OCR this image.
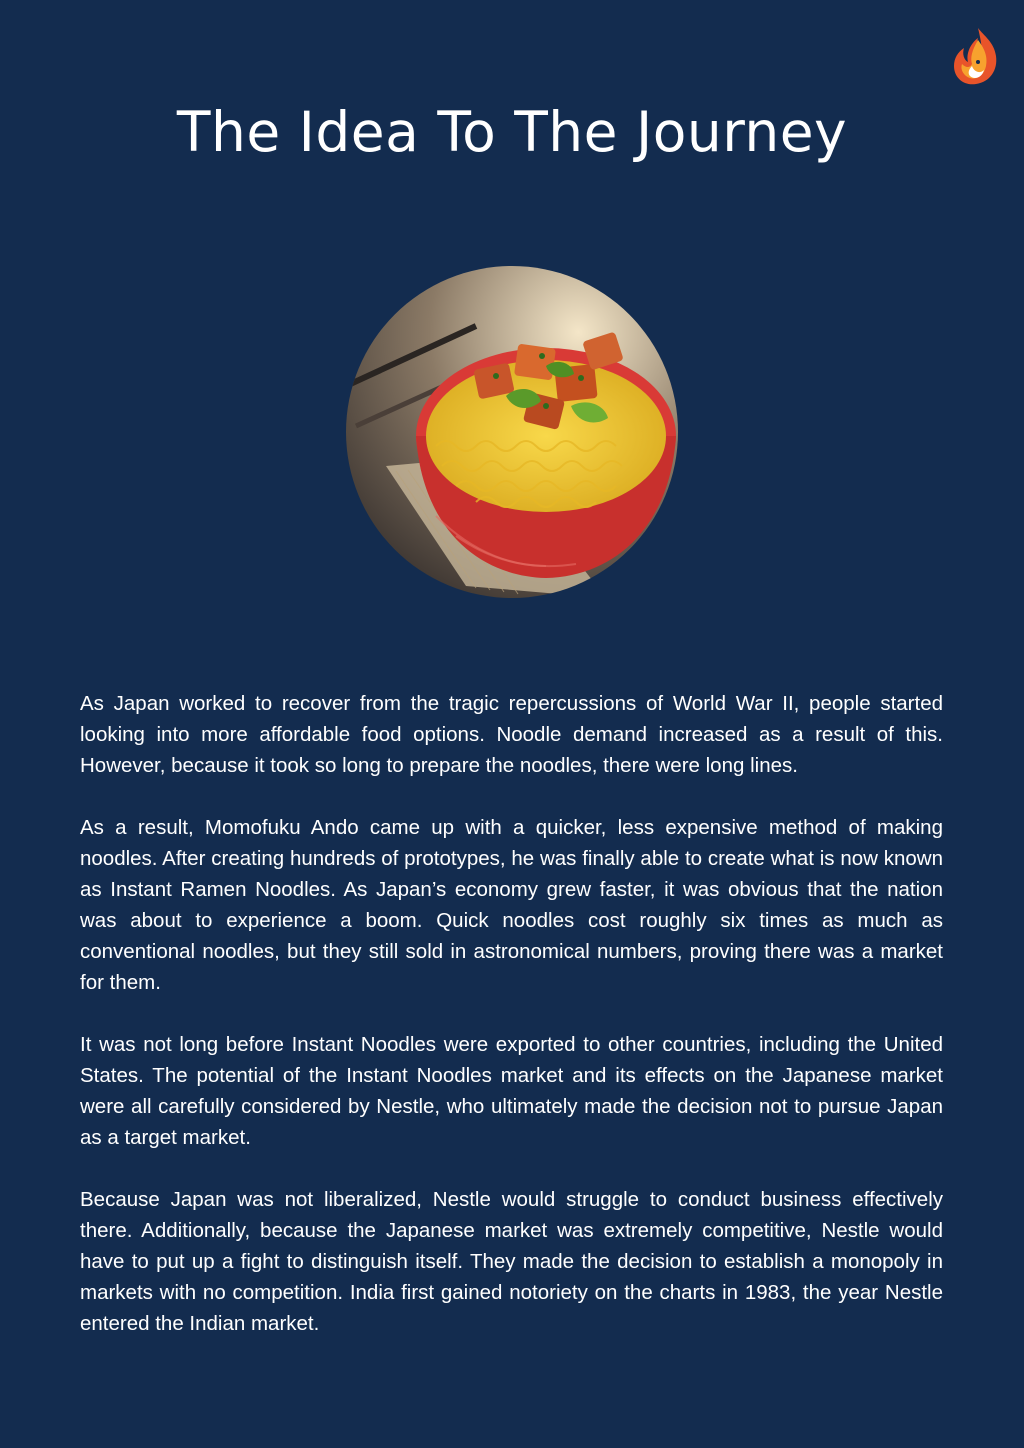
The Idea To The Journey

As Japan worked to recover from the tragic repercussions of World War II, people started looking into more affordable food options. Noodle demand increased as a result of this. However, because it took so long to prepare the noodles, there were long lines.

As a result, Momofuku Ando came up with a quicker, less expensive method of making noodles. After creating hundreds of prototypes, he was finally able to create what is now known as Instant Ramen Noodles. As Japan’s economy grew faster, it was obvious that the nation was about to experience a boom. Quick noodles cost roughly six times as much as conventional noodles, but they still sold in astronomical numbers, proving there was a market for them.

It was not long before Instant Noodles were exported to other countries, including the United States. The potential of the Instant Noodles market and its effects on the Japanese market were all carefully considered by Nestle, who ultimately made the decision not to pursue Japan as a target market.

Because Japan was not liberalized, Nestle would struggle to conduct business effectively there. Additionally, because the Japanese market was extremely competitive, Nestle would have to put up a fight to distinguish itself. They made the decision to establish a monopoly in markets with no competition. India first gained notoriety on the charts in 1983, the year Nestle entered the Indian market.
